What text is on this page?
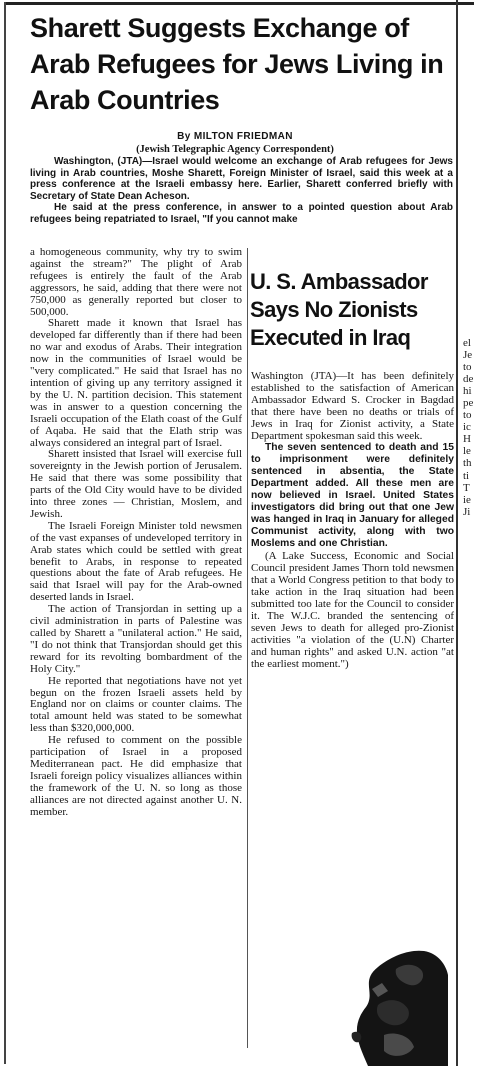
Sharett Suggests Exchange of Arab Refugees for Jews Living in Arab Countries
By MILTON FRIEDMAN
(Jewish Telegraphic Agency Correspondent)

Washington, (JTA)—Israel would welcome an exchange of Arab refugees for Jews living in Arab countries, Moshe Sharett, Foreign Minister of Israel, said this week at a press conference at the Israeli embassy here. Earlier, Sharett conferred briefly with Secretary of State Dean Acheson.

He said at the press conference, in answer to a pointed question about Arab refugees being repatriated to Israel, "If you cannot make

a homogeneous community, why try to swim against the stream?" The plight of Arab refugees is entirely the fault of the Arab aggressors, he said, adding that there were not 750,000 as generally reported but closer to 500,000.

Sharett made it known that Israel has developed far differently than if there had been no war and exodus of Arabs. Their integration now in the communities of Israel would be "very complicated." He said that Israel has no intention of giving up any territory assigned it by the U. N. partition decision. This statement was in answer to a question concerning the Israeli occupation of the Elath coast of the Gulf of Aqaba. He said that the Elath strip was always considered an integral part of Israel.

Sharett insisted that Israel will exercise full sovereignty in the Jewish portion of Jerusalem. He said that there was some possibility that parts of the Old City would have to be divided into three zones — Christian, Moslem, and Jewish.

The Israeli Foreign Minister told newsmen of the vast expanses of undeveloped territory in Arab states which could be settled with great benefit to Arabs, in response to repeated questions about the fate of Arab refugees. He said that Israel will pay for the Arab-owned deserted lands in Israel.

The action of Transjordan in setting up a civil administration in parts of Palestine was called by Sharett a "unilateral action." He said, "I do not think that Transjordan should get this reward for its revolting bombardment of the Holy City."

He reported that negotiations have not yet begun on the frozen Israeli assets held by England nor on claims or counter claims. The total amount held was stated to be somewhat less than $320,000,000.

He refused to comment on the possible participation of Israel in a proposed Mediterranean pact. He did emphasize that Israeli foreign policy visualizes alliances within the framework of the U. N. so long as those alliances are not directed against another U. N. member.

U. S. Ambassador Says No Zionists Executed in Iraq

Washington (JTA)—It has been definitely established to the satisfaction of American Ambassador Edward S. Crocker in Bagdad that there have been no deaths or trials of Jews in Iraq for Zionist activity, a State Department spokesman said this week.

The seven sentenced to death and 15 to imprisonment were definitely sentenced in absentia, the State Department added. All these men are now believed in Israel. United States investigators did bring out that one Jew was hanged in Iraq in January for alleged Communist activity, along with two Moslems and one Christian.

(A Lake Success, Economic and Social Council president James Thorn told newsmen that a World Congress petition to that body to take action in the Iraq situation had been submitted too late for the Council to consider it. The W.J.C. branded the sentencing of seven Jews to death for alleged pro-Zionist activities "a violation of the (U.N) Charter and human rights" and asked U.N. action "at the earliest moment.")

el
Je
to
de
hi
pe
to
ic
H
le
th
ti
T
ie
Ji
